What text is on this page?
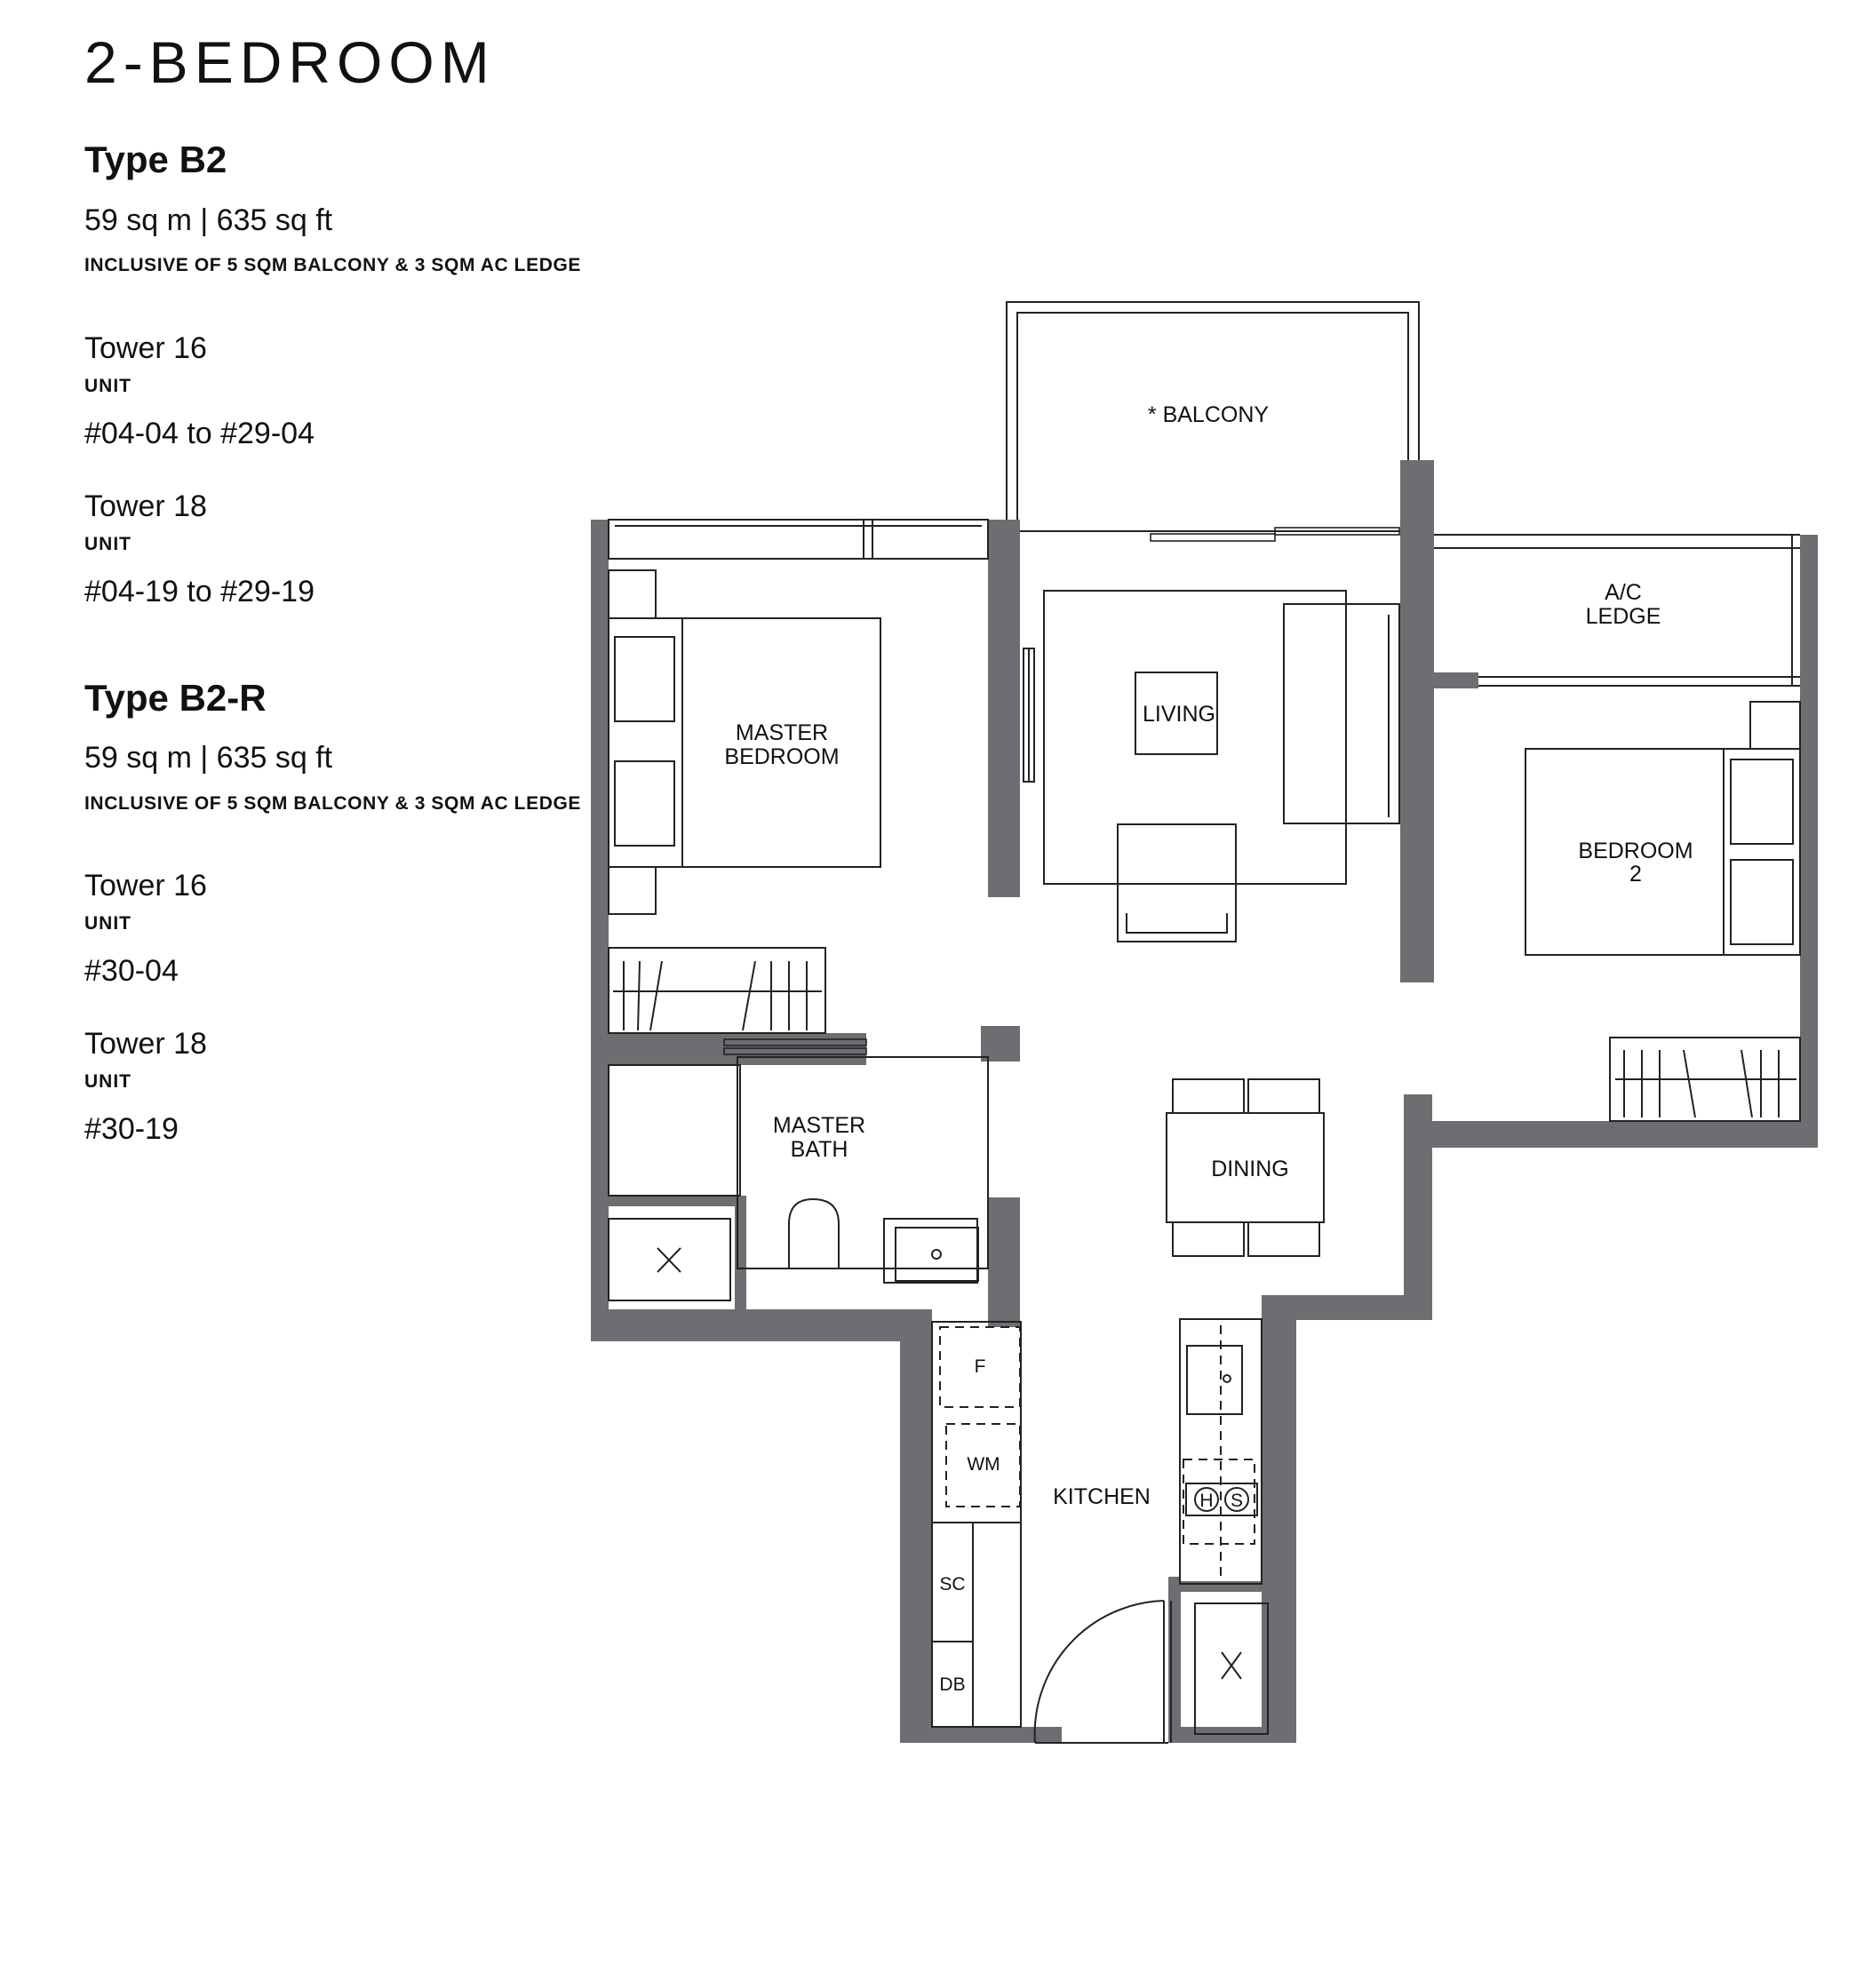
2-BEDROOM

Type B2

59 sq m | 635 sq ft

INCLUSIVE OF 5 SQM BALCONY & 3 SQM AC LEDGE

Tower 16

UNIT

#04-04 to #29-04

Tower 18

UNIT

#04-19 to #29-19

Type B2-R

59 sq m | 635 sq ft

INCLUSIVE OF 5 SQM BALCONY & 3 SQM AC LEDGE

Tower 16

UNIT

#30-04

Tower 18

UNIT

#30-19

* BALCONY
A/C
LEDGE
MASTER
BEDROOM
LIVING
BEDROOM
2
MASTER
BATH
DINING
KITCHEN
F
WM
SC
DB
H S
